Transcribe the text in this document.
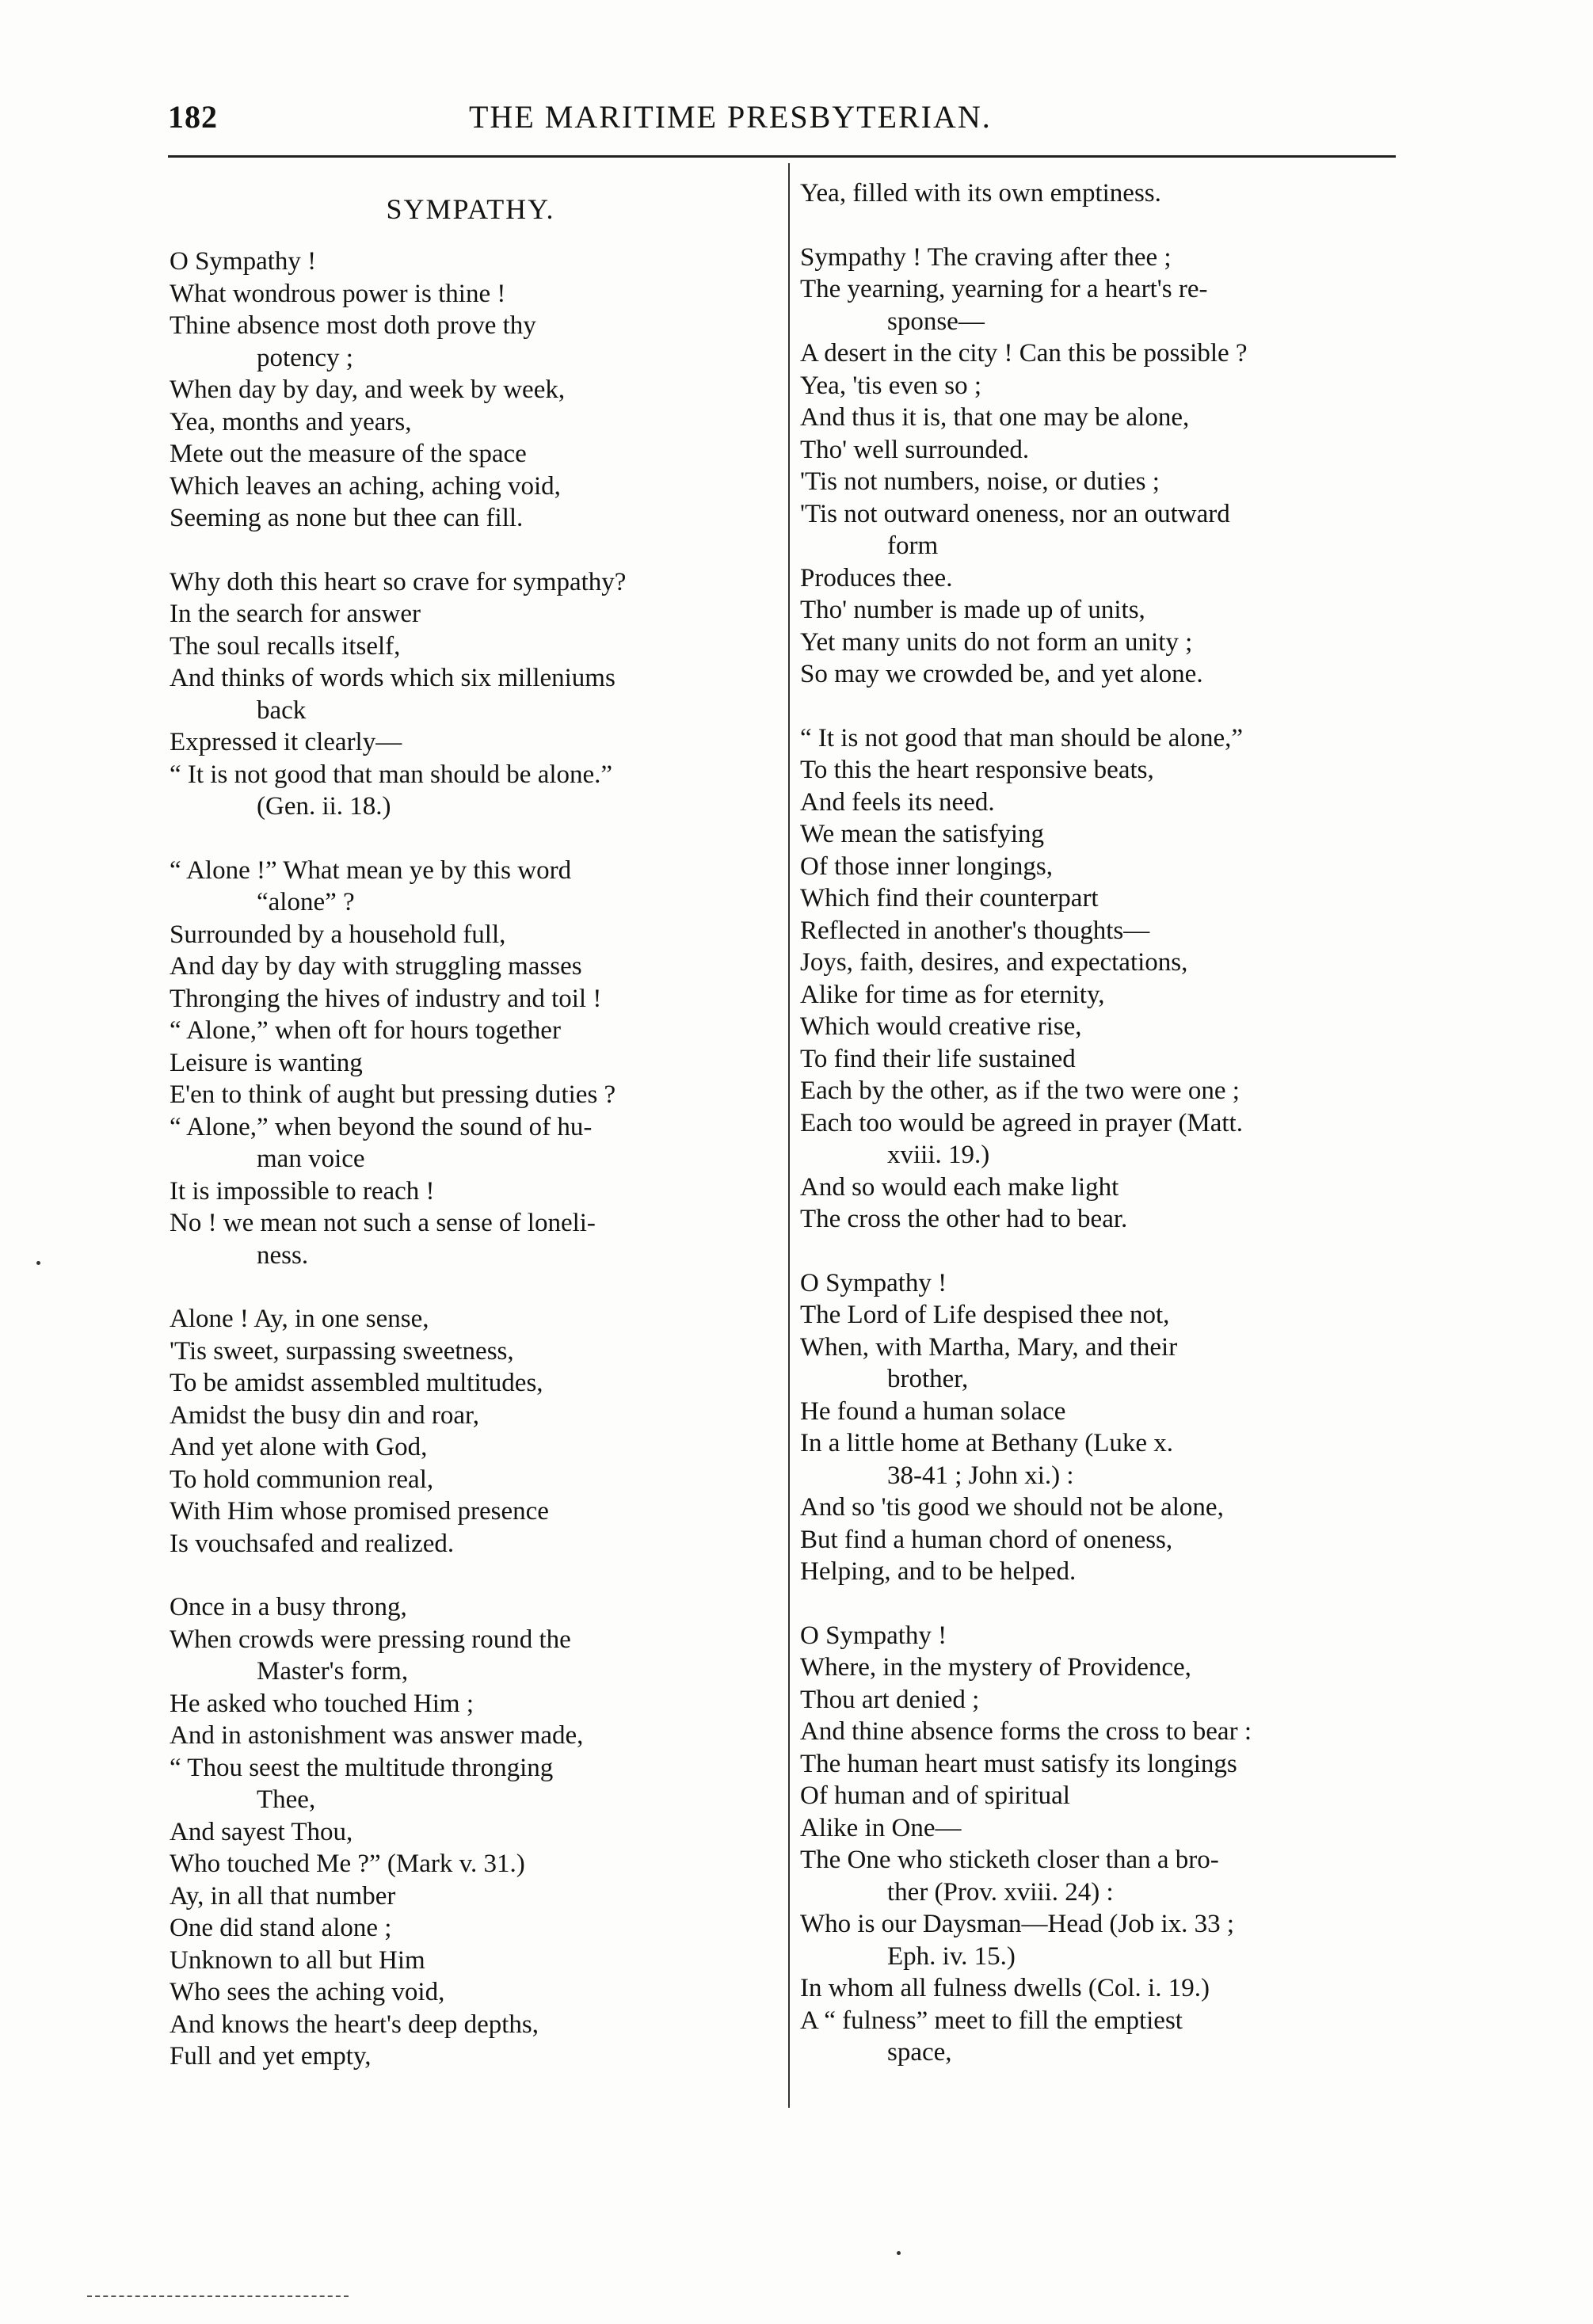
182	THE MARITIME PRESBYTERIAN.
SYMPATHY.
O Sympathy !
What wondrous power is thine !
Thine absence most doth prove thy
potency ;
When day by day, and week by week,
Yea, months and years,
Mete out the measure of the space
Which leaves an aching, aching void,
Seeming as none but thee can fill.
Why doth this heart so crave for sympathy?
In the search for answer
The soul recalls itself,
And thinks of words which six milleniums
back
Expressed it clearly—
“ It is not good that man should be alone.”
(Gen. ii. 18.)
“ Alone !” What mean ye by this word
“alone” ?
Surrounded by a household full,
And day by day with struggling masses
Thronging the hives of industry and toil !
“ Alone,” when oft for hours together
Leisure is wanting
E'en to think of aught but pressing duties ?
“ Alone,” when beyond the sound of hu-
man voice
It is impossible to reach !
No ! we mean not such a sense of loneli-
ness.
Alone ! Ay, in one sense,
'Tis sweet, surpassing sweetness,
To be amidst assembled multitudes,
Amidst the busy din and roar,
And yet alone with God,
To hold communion real,
With Him whose promised presence
Is vouchsafed and realized.
Once in a busy throng,
When crowds were pressing round the
Master's form,
He asked who touched Him ;
And in astonishment was answer made,
“ Thou seest the multitude thronging
Thee,
And sayest Thou,
Who touched Me ?” (Mark v. 31.)
Ay, in all that number
One did stand alone ;
Unknown to all but Him
Who sees the aching void,
And knows the heart's deep depths,
Full and yet empty,
Yea, filled with its own emptiness.
Sympathy ! The craving after thee ;
The yearning, yearning for a heart's re-
sponse—
A desert in the city ! Can this be possible ?
Yea, 'tis even so ;
And thus it is, that one may be alone,
Tho' well surrounded.
'Tis not numbers, noise, or duties ;
'Tis not outward oneness, nor an outward
form
Produces thee.
Tho' number is made up of units,
Yet many units do not form an unity ;
So may we crowded be, and yet alone.
“ It is not good that man should be alone,”
To this the heart responsive beats,
And feels its need.
We mean the satisfying
Of those inner longings,
Which find their counterpart
Reflected in another's thoughts—
Joys, faith, desires, and expectations,
Alike for time as for eternity,
Which would creative rise,
To find their life sustained
Each by the other, as if the two were one ;
Each too would be agreed in prayer (Matt.
xviii. 19.)
And so would each make light
The cross the other had to bear.
O Sympathy !
The Lord of Life despised thee not,
When, with Martha, Mary, and their
brother,
He found a human solace
In a little home at Bethany (Luke x.
38-41 ; John xi.) :
And so 'tis good we should not be alone,
But find a human chord of oneness,
Helping, and to be helped.
O Sympathy !
Where, in the mystery of Providence,
Thou art denied ;
And thine absence forms the cross to bear :
The human heart must satisfy its longings
Of human and of spiritual
Alike in One—
The One who sticketh closer than a bro-
ther (Prov. xviii. 24) :
Who is our Daysman—Head (Job ix. 33 ;
Eph. iv. 15.)
In whom all fulness dwells (Col. i. 19.)
A “ fulness” meet to fill the emptiest
space,
